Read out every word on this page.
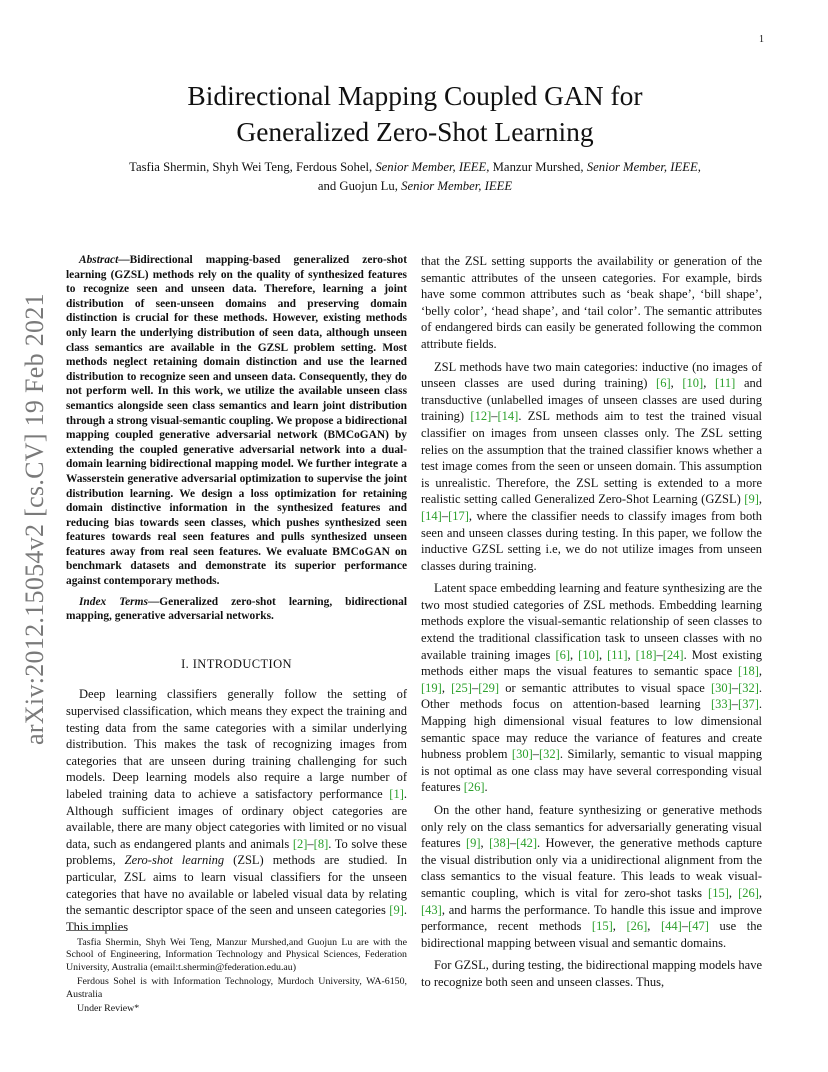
1
arXiv:2012.15054v2 [cs.CV] 19 Feb 2021
Bidirectional Mapping Coupled GAN for
Generalized Zero-Shot Learning

Tasfia Shermin, Shyh Wei Teng, Ferdous Sohel, Senior Member, IEEE, Manzur Murshed, Senior Member, IEEE,
and Guojun Lu, Senior Member, IEEE

Abstract—Bidirectional mapping-based generalized zero-shot learning (GZSL) methods rely on the quality of synthesized features to recognize seen and unseen data. Therefore, learning a joint distribution of seen-unseen domains and preserving domain distinction is crucial for these methods. However, existing methods only learn the underlying distribution of seen data, although unseen class semantics are available in the GZSL problem setting. Most methods neglect retaining domain distinction and use the learned distribution to recognize seen and unseen data. Consequently, they do not perform well. In this work, we utilize the available unseen class semantics alongside seen class semantics and learn joint distribution through a strong visual-semantic coupling. We propose a bidirectional mapping coupled generative adversarial network (BMCoGAN) by extending the coupled generative adversarial network into a dual-domain learning bidirectional mapping model. We further integrate a Wasserstein generative adversarial optimization to supervise the joint distribution learning. We design a loss optimization for retaining domain distinctive information in the synthesized features and reducing bias towards seen classes, which pushes synthesized seen features towards real seen features and pulls synthesized unseen features away from real seen features. We evaluate BMCoGAN on benchmark datasets and demonstrate its superior performance against contemporary methods.

Index Terms—Generalized zero-shot learning, bidirectional mapping, generative adversarial networks.

I. INTRODUCTION

Deep learning classifiers generally follow the setting of supervised classification, which means they expect the training and testing data from the same categories with a similar underlying distribution. This makes the task of recognizing images from categories that are unseen during training challenging for such models. Deep learning models also require a large number of labeled training data to achieve a satisfactory performance [1]. Although sufficient images of ordinary object categories are available, there are many object categories with limited or no visual data, such as endangered plants and animals [2]–[8]. To solve these problems, Zero-shot learning (ZSL) methods are studied. In particular, ZSL aims to learn visual classifiers for the unseen categories that have no available or labeled visual data by relating the semantic descriptor space of the seen and unseen categories [9]. This implies

Tasfia Shermin, Shyh Wei Teng, Manzur Murshed,and Guojun Lu are with the School of Engineering, Information Technology and Physical Sciences, Federation University, Australia (email:t.shermin@federation.edu.au)

Ferdous Sohel is with Information Technology, Murdoch University, WA-6150, Australia

Under Review*

that the ZSL setting supports the availability or generation of the semantic attributes of the unseen categories. For example, birds have some common attributes such as ‘beak shape’, ‘bill shape’, ‘belly color’, ‘head shape’, and ‘tail color’. The semantic attributes of endangered birds can easily be generated following the common attribute fields.

ZSL methods have two main categories: inductive (no images of unseen classes are used during training) [6], [10], [11] and transductive (unlabelled images of unseen classes are used during training) [12]–[14]. ZSL methods aim to test the trained visual classifier on images from unseen classes only. The ZSL setting relies on the assumption that the trained classifier knows whether a test image comes from the seen or unseen domain. This assumption is unrealistic. Therefore, the ZSL setting is extended to a more realistic setting called Generalized Zero-Shot Learning (GZSL) [9], [14]–[17], where the classifier needs to classify images from both seen and unseen classes during testing. In this paper, we follow the inductive GZSL setting i.e, we do not utilize images from unseen classes during training.

Latent space embedding learning and feature synthesizing are the two most studied categories of ZSL methods. Embedding learning methods explore the visual-semantic relationship of seen classes to extend the traditional classification task to unseen classes with no available training images [6], [10], [11], [18]–[24]. Most existing methods either maps the visual features to semantic space [18], [19], [25]–[29] or semantic attributes to visual space [30]–[32]. Other methods focus on attention-based learning [33]–[37]. Mapping high dimensional visual features to low dimensional semantic space may reduce the variance of features and create hubness problem [30]–[32]. Similarly, semantic to visual mapping is not optimal as one class may have several corresponding visual features [26].

On the other hand, feature synthesizing or generative methods only rely on the class semantics for adversarially generating visual features [9], [38]–[42]. However, the generative methods capture the visual distribution only via a unidirectional alignment from the class semantics to the visual feature. This leads to weak visual-semantic coupling, which is vital for zero-shot tasks [15], [26], [43], and harms the performance. To handle this issue and improve performance, recent methods [15], [26], [44]–[47] use the bidirectional mapping between visual and semantic domains.

For GZSL, during testing, the bidirectional mapping models have to recognize both seen and unseen classes. Thus,
